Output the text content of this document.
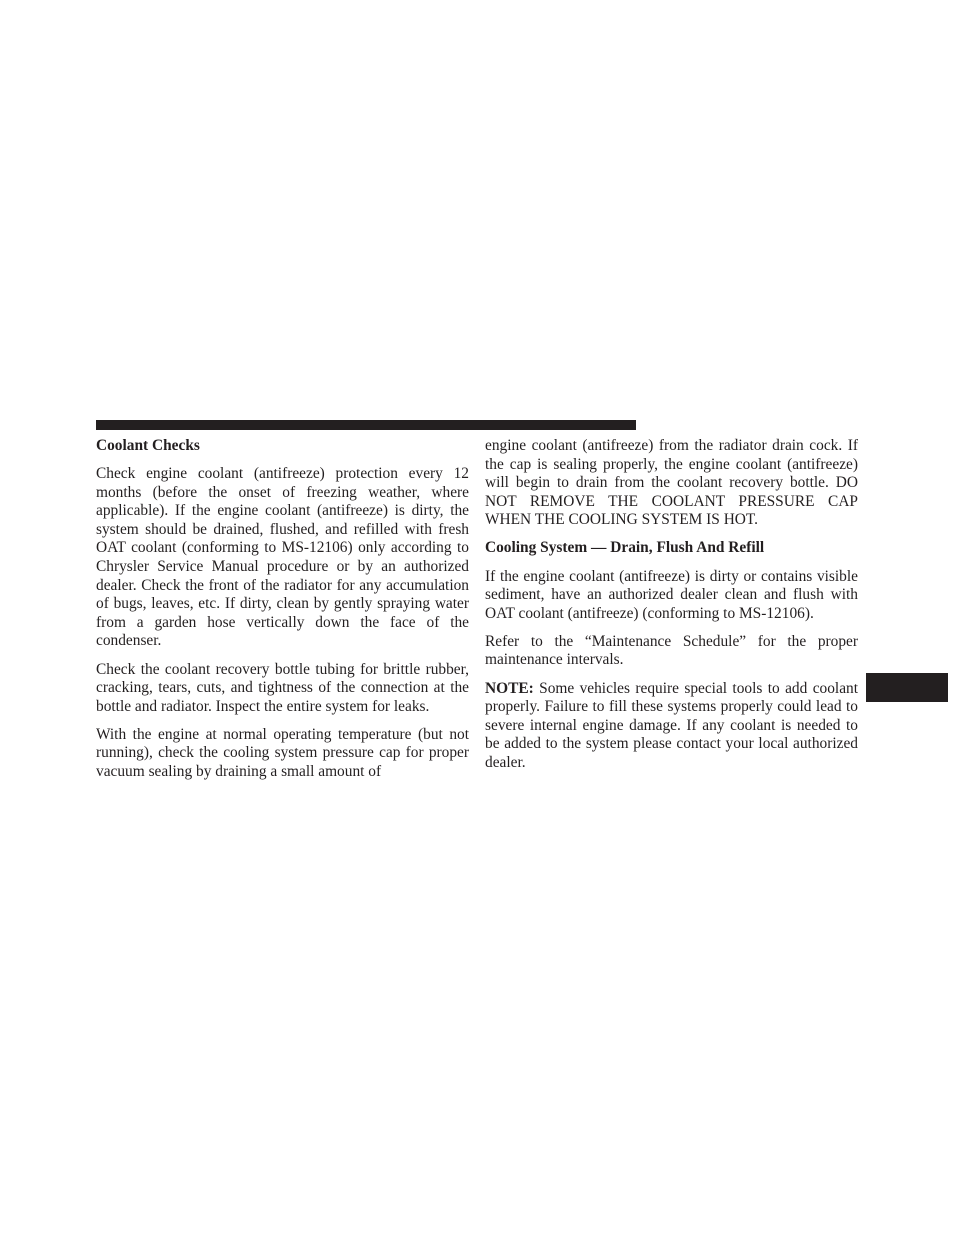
Coolant Checks

Check engine coolant (antifreeze) protection every 12 months (before the onset of freezing weather, where applicable). If the engine coolant (antifreeze) is dirty, the system should be drained, flushed, and refilled with fresh OAT coolant (conforming to MS-12106) only according to Chrysler Service Manual procedure or by an authorized dealer. Check the front of the radiator for any accumulation of bugs, leaves, etc. If dirty, clean by gently spraying water from a garden hose vertically down the face of the condenser.

Check the coolant recovery bottle tubing for brittle rubber, cracking, tears, cuts, and tightness of the connection at the bottle and radiator. Inspect the entire system for leaks.

With the engine at normal operating temperature (but not running), check the cooling system pressure cap for proper vacuum sealing by draining a small amount of

engine coolant (antifreeze) from the radiator drain cock. If the cap is sealing properly, the engine coolant (antifreeze) will begin to drain from the coolant recovery bottle. DO NOT REMOVE THE COOLANT PRESSURE CAP WHEN THE COOLING SYSTEM IS HOT.

Cooling System — Drain, Flush And Refill

If the engine coolant (antifreeze) is dirty or contains visible sediment, have an authorized dealer clean and flush with OAT coolant (antifreeze) (conforming to MS-12106).

Refer to the “Maintenance Schedule” for the proper maintenance intervals.

NOTE: Some vehicles require special tools to add coolant properly. Failure to fill these systems properly could lead to severe internal engine damage. If any coolant is needed to be added to the system please contact your local authorized dealer.
